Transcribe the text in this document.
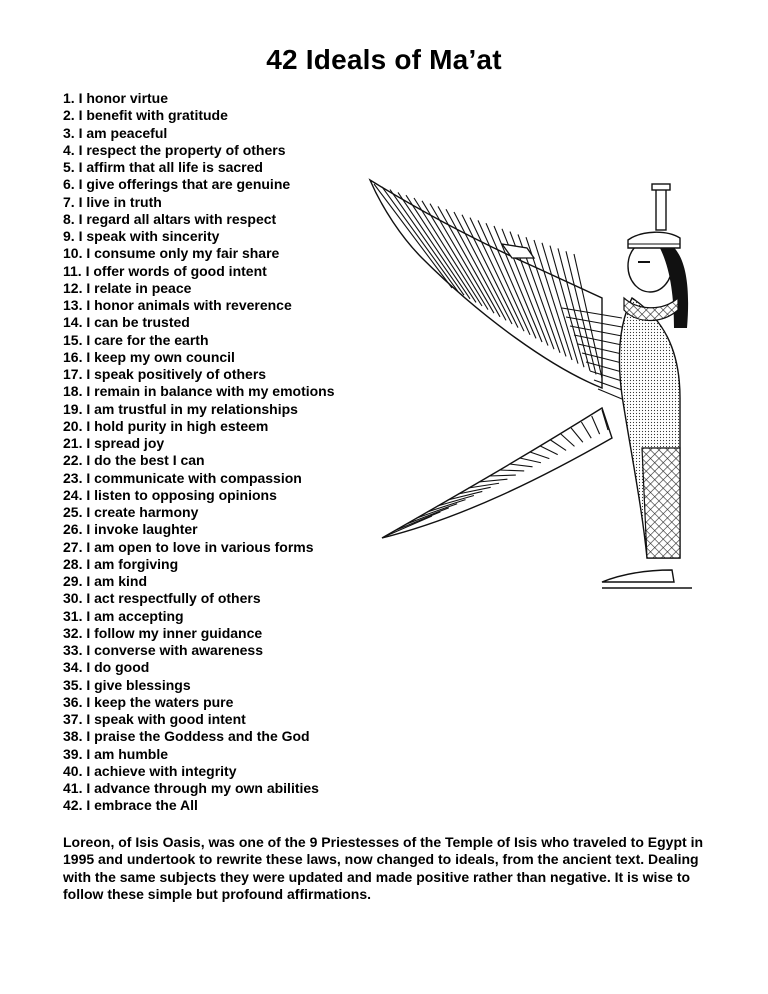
42 Ideals of Ma’at
1. I honor virtue
2. I benefit with gratitude
3. I am peaceful
4. I respect the property of others
5. I affirm that all life is sacred
6. I give offerings that are genuine
7. I live in truth
8. I regard all altars with respect
9. I speak with sincerity
10. I consume only my fair share
11. I offer words of good intent
12. I relate in peace
13. I honor animals with reverence
14. I can be trusted
15. I care for the earth
16. I keep my own council
17. I speak positively of others
18. I remain in balance with my emotions
19. I am trustful in my relationships
20. I hold purity in high esteem
21. I spread joy
22. I do the best I can
23. I communicate with compassion
24. I listen to opposing opinions
25. I create harmony
26. I invoke laughter
27. I am open to love in various forms
28. I am forgiving
29. I am kind
30. I act respectfully of others
31. I am accepting
32. I follow my inner guidance
33. I converse with awareness
34. I do good
35. I give blessings
36. I keep the waters pure
37. I speak with good intent
38. I praise the Goddess and the God
39. I am humble
40. I achieve with integrity
41. I advance through my own abilities
42. I embrace the All

Loreon, of Isis Oasis, was one of the 9 Priestesses of the Temple of Isis who traveled to Egypt in 1995 and undertook to rewrite these laws, now changed to ideals, from the ancient text. Dealing with the same subjects they were updated and made positive rather than negative. It is wise to follow these simple but profound affirmations.
